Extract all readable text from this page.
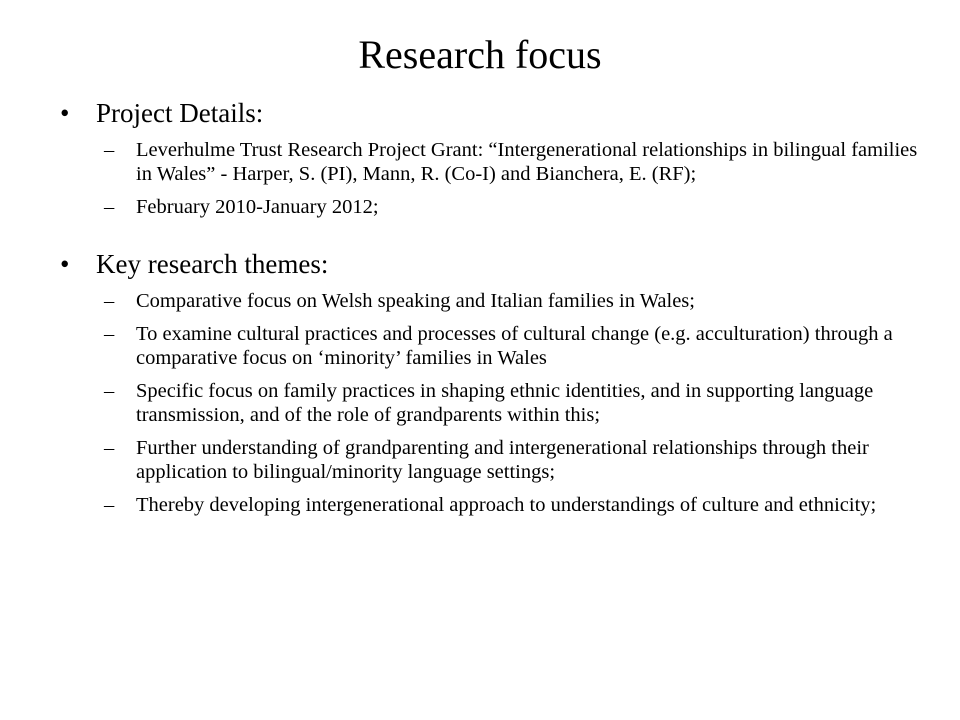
Research focus
• Project Details:
– Leverhulme Trust Research Project Grant: “Intergenerational relationships in bilingual families in Wales” - Harper, S. (PI), Mann, R. (Co-I) and Bianchera, E. (RF);
– February 2010-January 2012;
• Key research themes:
– Comparative focus on Welsh speaking and Italian families in Wales;
– To examine cultural practices and processes of cultural change (e.g. acculturation) through a comparative focus on ‘minority’ families in Wales
– Specific focus on family practices in shaping ethnic identities, and in supporting language transmission, and of the role of grandparents within this;
– Further understanding of grandparenting and intergenerational relationships through their application to bilingual/minority language settings;
– Thereby developing intergenerational approach to understandings of culture and ethnicity;
